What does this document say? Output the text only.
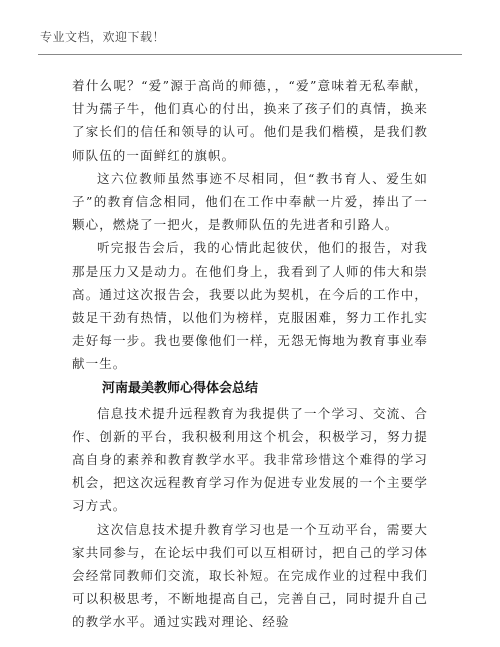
专业文档，欢迎下载！

着什么呢？“爱”源于高尚的师德，，“爱”意味着无私奉献，甘为孺子牛，他们真心的付出，换来了孩子们的真情，换来了家长们的信任和领导的认可。他们是我们楷模，是我们教师队伍的一面鲜红的旗帜。

这六位教师虽然事迹不尽相同，但“教书育人、爱生如子”的教育信念相同，他们在工作中奉献一片爱，捧出了一颗心，燃烧了一把火，是教师队伍的先进者和引路人。

听完报告会后，我的心情此起彼伏，他们的报告，对我那是压力又是动力。在他们身上，我看到了人师的伟大和崇高。通过这次报告会，我要以此为契机，在今后的工作中，鼓足干劲有热情，以他们为榜样，克服困难，努力工作扎实走好每一步。我也要像他们一样，无怨无悔地为教育事业奉献一生。

河南最美教师心得体会总结

信息技术提升远程教育为我提供了一个学习、交流、合作、创新的平台，我积极利用这个机会，积极学习，努力提高自身的素养和教育教学水平。我非常珍惜这个难得的学习机会，把这次远程教育学习作为促进专业发展的一个主要学习方式。

这次信息技术提升教育学习也是一个互动平台，需要大家共同参与，在论坛中我们可以互相研讨，把自己的学习体会经常同教师们交流，取长补短。在完成作业的过程中我们可以积极思考，不断地提高自己，完善自己，同时提升自己的教学水平。通过实践对理论、经验
